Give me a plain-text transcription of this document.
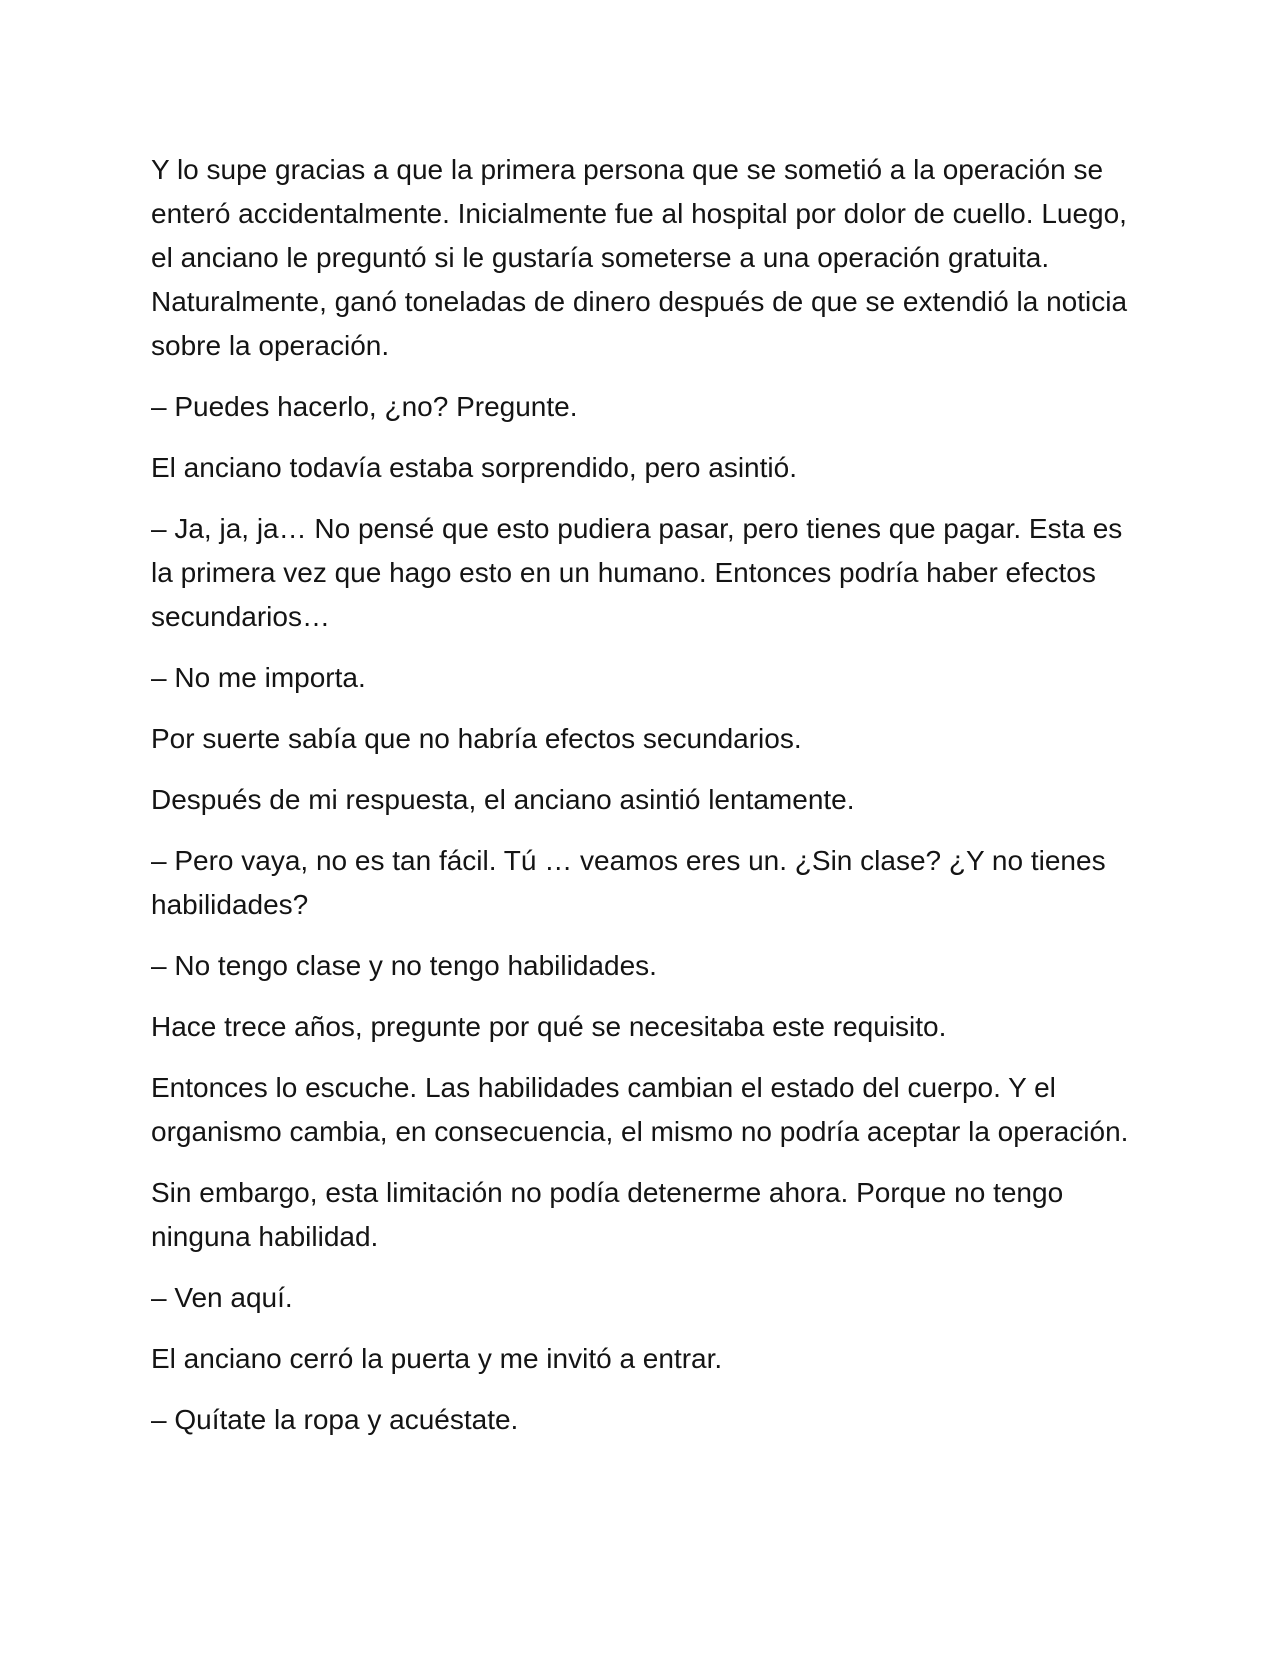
Y lo supe gracias a que la primera persona que se sometió a la operación se enteró accidentalmente. Inicialmente fue al hospital por dolor de cuello. Luego, el anciano le preguntó si le gustaría someterse a una operación gratuita. Naturalmente, ganó toneladas de dinero después de que se extendió la noticia sobre la operación.

– Puedes hacerlo, ¿no? Pregunte.

El anciano todavía estaba sorprendido, pero asintió.

– Ja, ja, ja… No pensé que esto pudiera pasar, pero tienes que pagar. Esta es la primera vez que hago esto en un humano. Entonces podría haber efectos secundarios…

– No me importa.

Por suerte sabía que no habría efectos secundarios.

Después de mi respuesta, el anciano asintió lentamente.

– Pero vaya, no es tan fácil. Tú … veamos eres un. ¿Sin clase? ¿Y no tienes habilidades?

– No tengo clase y no tengo habilidades.

Hace trece años, pregunte por qué se necesitaba este requisito.

Entonces lo escuche. Las habilidades cambian el estado del cuerpo. Y el organismo cambia, en consecuencia, el mismo no podría aceptar la operación.

Sin embargo, esta limitación no podía detenerme ahora. Porque no tengo ninguna habilidad.

– Ven aquí.

El anciano cerró la puerta y me invitó a entrar.

– Quítate la ropa y acuéstate.
